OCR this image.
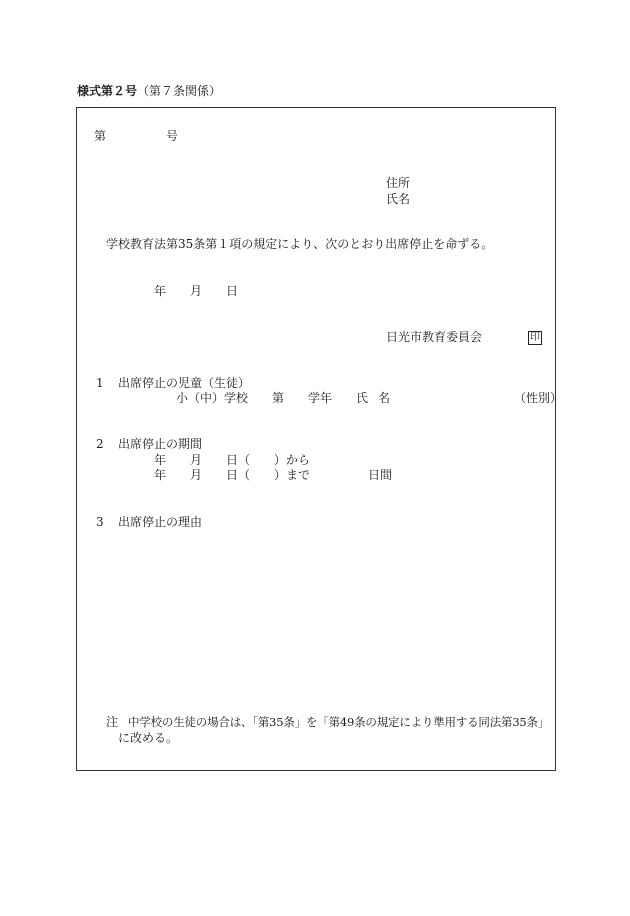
様式第２号（第７条関係）
第	号
住所
氏名
学校教育法第35条第１項の規定により、次のとおり出席停止を命ずる。
年 月 日
日光市教育委員会	印
1 出席停止の児童（生徒）
小（中）学校 第 学年 氏 名	（性別）
2 出席停止の期間
年 月 日（　　）から
年 月 日（　　）まで	日間
3 出席停止の理由
注 中学校の生徒の場合は、「第35条」を「第49条の規定により準用する同法第35条」
に改める。
